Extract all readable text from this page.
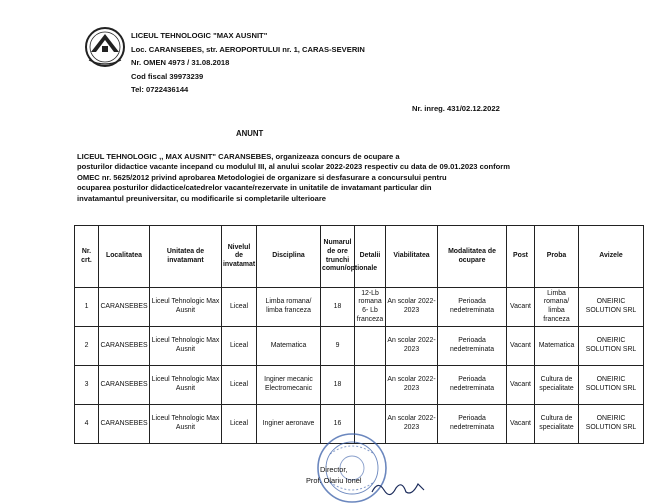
LICEUL TEHNOLOGIC "MAX AUSNIT"
Loc. CARANSEBES, str. AEROPORTULUI nr. 1, CARAS-SEVERIN
Nr. OMEN 4973 / 31.08.2018
Cod fiscal 39973239
Tel: 0722436144
Nr. inreg. 431/02.12.2022
ANUNT
LICEUL TEHNOLOGIC ,, MAX AUSNIT" CARANSEBES, organizeaza concurs de ocupare a
posturilor didactice vacante incepand cu modulul III, al anului scolar 2022-2023 respectiv cu data de 09.01.2023 conform
OMEC nr. 5625/2012 privind aprobarea Metodologiei de organizare si desfasurare a concursului pentru
ocuparea posturilor didactice/catedrelor vacante/rezervate in unitatile de invatamant particular din
invatamantul preuniversitar, cu modificarile si completarile ulterioare
Nr. crt.	Localitatea	Unitatea de invatamant	Nivelul de invatamat	Disciplina	Numarul de ore trunchi comun/optionale	Detalii	Viabilitatea	Modalitatea de ocupare	Post	Proba	Avizele
1	CARANSEBES	Liceul Tehnologic Max Ausnit	Liceal	Limba romana/ limba franceza	18	12-Lb romana 6- Lb franceza	An scolar 2022-2023	Perioada nedetreminata	Vacant	Limba romana/ limba franceza	ONEIRIC SOLUTION SRL
2	CARANSEBES	Liceul Tehnologic Max Ausnit	Liceal	Matematica	9		An scolar 2022-2023	Perioada nedetreminata	Vacant	Matematica	ONEIRIC SOLUTION SRL
3	CARANSEBES	Liceul Tehnologic Max Ausnit	Liceal	Inginer mecanic Electromecanic	18		An scolar 2022-2023	Perioada nedetreminata	Vacant	Cultura de specialitate	ONEIRIC SOLUTION SRL
4	CARANSEBES	Liceul Tehnologic Max Ausnit	Liceal	Inginer aeronave	16		An scolar 2022-2023	Perioada nedetreminata	Vacant	Cultura de specialitate	ONEIRIC SOLUTION SRL
Director,
Prof. Olariu Ionel
